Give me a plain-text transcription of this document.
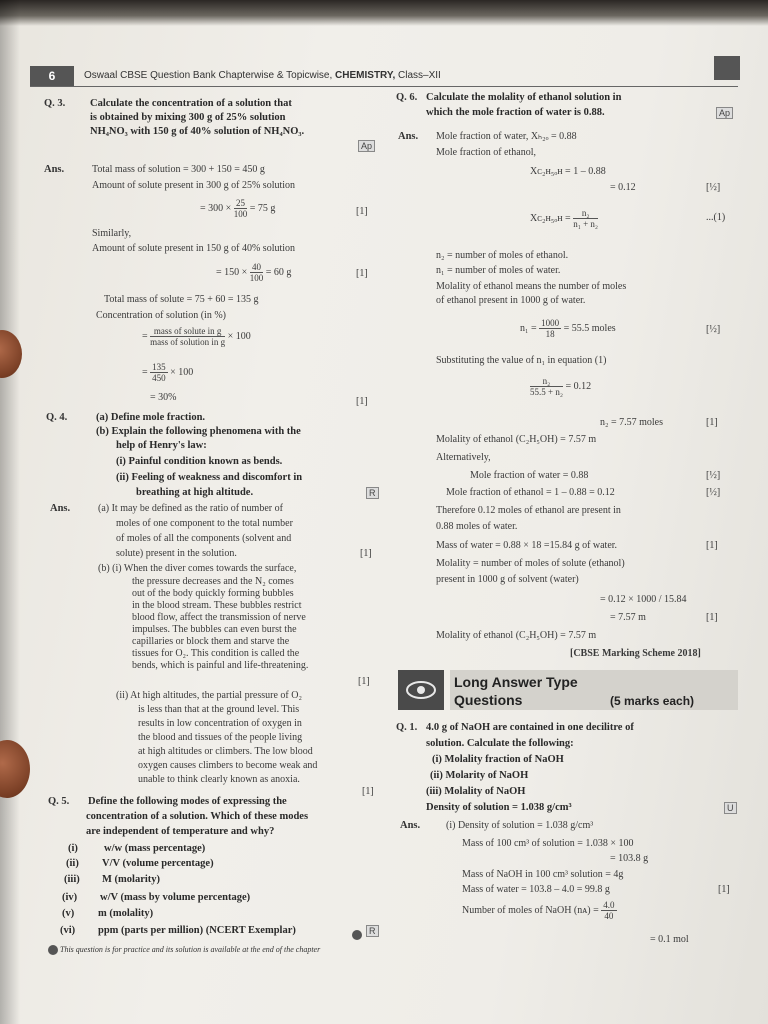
6	Oswaal CBSE Question Bank Chapterwise & Topicwise, CHEMISTRY, Class–XII
Q. 3. Calculate the concentration of a solution that
is obtained by mixing 300 g of 25% solution
NH₄NO₃ with 150 g of 40% solution of NH₄NO₃.
Ap
Ans.	Total mass of solution = 300 + 150 = 450 g
Amount of solute present in 300 g of 25% solution
= $300 \times \frac{25}{100} = 75$ g	[1]
Similarly,
Amount of solute present in 150 g of 40% solution
= $150 \times \frac{40}{100} = 60$ g	[1]
Total mass of solute = 75 + 60 = 135 g
Concentration of solution (in %)
= $\frac{\text{mass of solute in g}}{\text{mass of solution in g}} \times 100$
= $\frac{135}{450} \times 100$
= 30%	[1]
Q. 4.	(a) Define mole fraction.
(b) Explain the following phenomena with the
help of Henry's law:
(i) Painful condition known as bends.
(ii) Feeling of weakness and discomfort in
breathing at high altitude.	R
Ans.	(a) It may be defined as the ratio of number of
moles of one component to the total number
of moles of all the components (solvent and
solute) present in the solution.	[1]
(b) (i) When the diver comes towards the surface,
the pressure decreases and the N₂ comes
out of the body quickly forming bubbles
in the blood stream. These bubbles restrict
blood flow, affect the transmission of nerve
impulses. The bubbles can even burst the
capillaries or block them and starve the
tissues for O₂. This condition is called the
bends, which is painful and life-threatening.
[1]
(ii) At high altitudes, the partial pressure of O₂
is less than that at the ground level. This
results in low concentration of oxygen in
the blood and tissues of the people living
at high altitudes or climbers. The low blood
oxygen causes climbers to become weak and
unable to think clearly known as anoxia.
[1]
Q. 5. Define the following modes of expressing the
concentration of a solution. Which of these modes
are independent of temperature and why?
(i) w/w (mass percentage)
(ii) V/V (volume percentage)
(iii) M (molarity)
(iv) w/V (mass by volume percentage)
(v) m (molality)
(vi) ppm (parts per million) (NCERT Exemplar)	R
This question is for practice and its solution is available at the end of the chapter
Q. 6. Calculate the molality of ethanol solution in
which the mole fraction of water is 0.88.	Ap
Ans. Mole fraction of water, Xₕ₂ₒ = 0.88
Mole fraction of ethanol,
Xᴄ₂ʜ₅ₒʜ = 1 – 0.88
= 0.12	[½]
Xᴄ₂ʜ₅ₒʜ = $\frac{\text{n₂}}{\text{n₁ + n₂}}$	...(1)
n₂ = number of moles of ethanol.
n₁ = number of moles of water.
Molality of ethanol means the number of moles
of ethanol present in 1000 g of water.
$n_1 = \frac{1000}{18} = 55.5$ moles	[½]
Substituting the value of n₁ in equation (1)
$\frac{\text{n₂}}{\text{55.5 + n₂}} = 0.12$
n₂ = 7.57 moles	[1]
Molality of ethanol (C₂H₅OH) = 7.57 m
Alternatively,
Mole fraction of water = 0.88	[½]
Mole fraction of ethanol = 1 – 0.88 = 0.12	[½]
Therefore 0.12 moles of ethanol are present in
0.88 moles of water.
Mass of water = 0.88 × 18 =15.84 g of water.	[1]
Molality = number of moles of solute (ethanol)
present in 1000 g of solvent (water)
= 0.12 × 1000 / 15.84
= 7.57 m	[1]
Molality of ethanol (C₂H₅OH) = 7.57 m
[CBSE Marking Scheme 2018]
Long Answer Type
Questions	(5 marks each)
Q. 1. 4.0 g of NaOH are contained in one decilitre of
solution. Calculate the following:
(i) Molality fraction of NaOH
(ii) Molarity of NaOH
(iii) Molality of NaOH
Density of solution = 1.038 g/cm³	U
Ans.	(i) Density of solution = 1.038 g/cm³
Mass of 100 cm³ of solution = 1.038 × 100
= 103.8 g
Mass of NaOH in 100 cm³ solution = 4g
Mass of water = 103.8 – 4.0 = 99.8 g	[1]
Number of moles of NaOH (nᴀ) = $\frac{4.0}{40}$
= 0.1 mol
